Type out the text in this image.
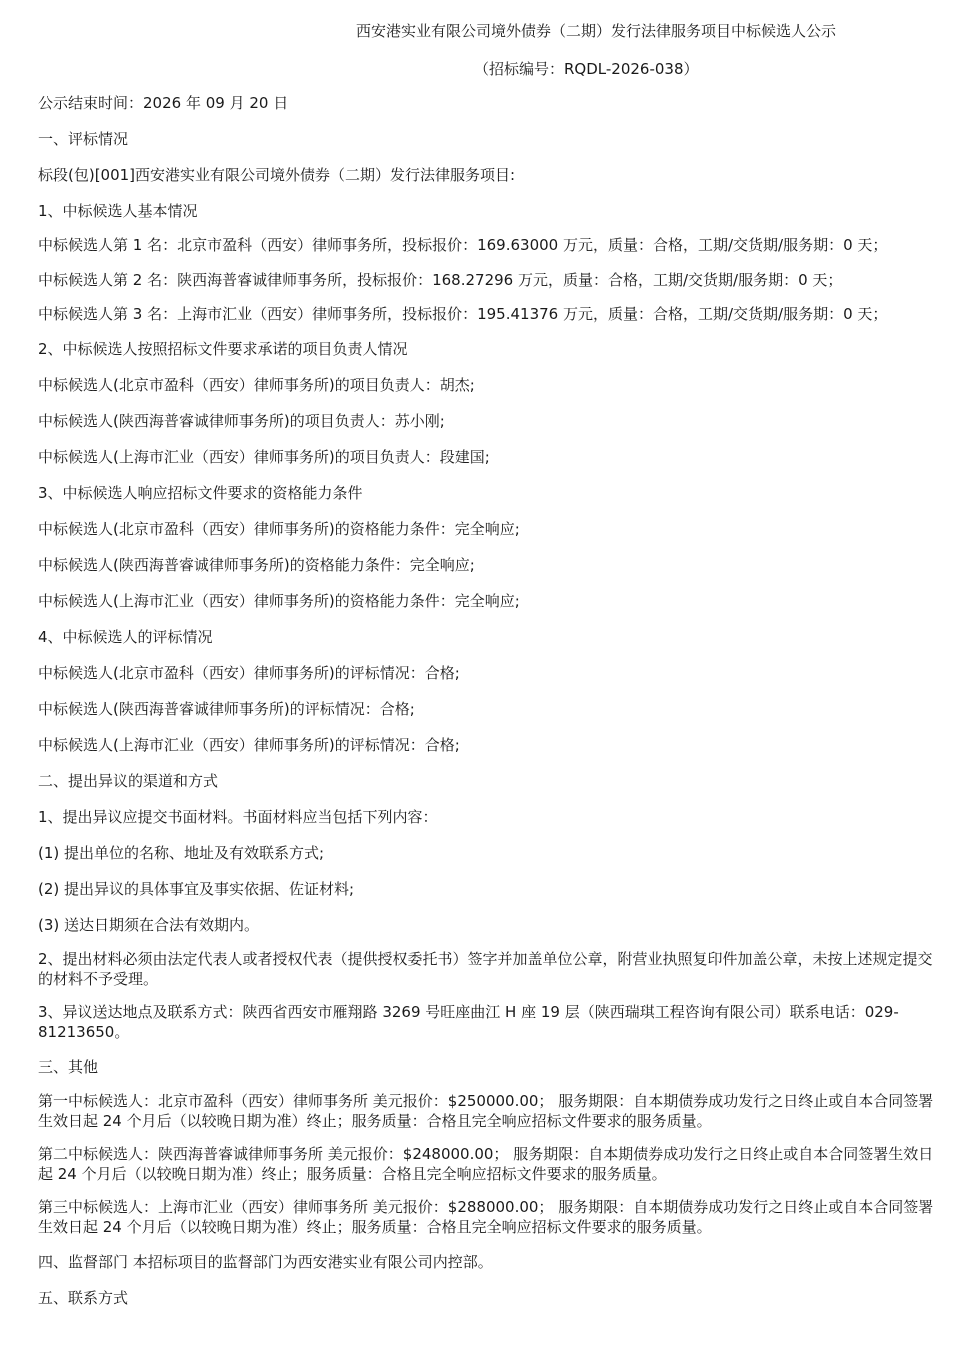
西安港实业有限公司境外债券（二期）发行法律服务项目中标候选人公示

（招标编号：RQDL-2026-038）

公示结束时间：2026 年 09 月 20 日

一、评标情况

标段(包)[001]西安港实业有限公司境外债券（二期）发行法律服务项目:

1、中标候选人基本情况

中标候选人第 1 名：北京市盈科（西安）律师事务所，投标报价：169.63000 万元，质量：合格，工期/交货期/服务期：0 天；

中标候选人第 2 名：陕西海普睿诚律师事务所，投标报价：168.27296 万元，质量：合格，工期/交货期/服务期：0 天；

中标候选人第 3 名：上海市汇业（西安）律师事务所，投标报价：195.41376 万元，质量：合格，工期/交货期/服务期：0 天；

2、中标候选人按照招标文件要求承诺的项目负责人情况

中标候选人(北京市盈科（西安）律师事务所)的项目负责人：胡杰;

中标候选人(陕西海普睿诚律师事务所)的项目负责人：苏小刚;

中标候选人(上海市汇业（西安）律师事务所)的项目负责人：段建国;

3、中标候选人响应招标文件要求的资格能力条件

中标候选人(北京市盈科（西安）律师事务所)的资格能力条件：完全响应;

中标候选人(陕西海普睿诚律师事务所)的资格能力条件：完全响应;

中标候选人(上海市汇业（西安）律师事务所)的资格能力条件：完全响应;

4、中标候选人的评标情况

中标候选人(北京市盈科（西安）律师事务所)的评标情况：合格;

中标候选人(陕西海普睿诚律师事务所)的评标情况：合格;

中标候选人(上海市汇业（西安）律师事务所)的评标情况：合格;

二、提出异议的渠道和方式

1、提出异议应提交书面材料。书面材料应当包括下列内容：

(1) 提出单位的名称、地址及有效联系方式;

(2) 提出异议的具体事宜及事实依据、佐证材料;

(3) 送达日期须在合法有效期内。

2、提出材料必须由法定代表人或者授权代表（提供授权委托书）签字并加盖单位公章，附营业执照复印件加盖公章，未按上述规定提交的材料不予受理。

3、异议送达地点及联系方式：陕西省西安市雁翔路 3269 号旺座曲江 H 座 19 层（陕西瑞琪工程咨询有限公司）联系电话：029-81213650。

三、其他

第一中标候选人：北京市盈科（西安）律师事务所 美元报价：$250000.00； 服务期限：自本期债券成功发行之日终止或自本合同签署生效日起 24 个月后（以较晚日期为准）终止；服务质量：合格且完全响应招标文件要求的服务质量。

第二中标候选人：陕西海普睿诚律师事务所 美元报价：$248000.00； 服务期限：自本期债券成功发行之日终止或自本合同签署生效日起 24 个月后（以较晚日期为准）终止；服务质量：合格且完全响应招标文件要求的服务质量。

第三中标候选人：上海市汇业（西安）律师事务所 美元报价：$288000.00； 服务期限：自本期债券成功发行之日终止或自本合同签署生效日起 24 个月后（以较晚日期为准）终止；服务质量：合格且完全响应招标文件要求的服务质量。

四、监督部门 本招标项目的监督部门为西安港实业有限公司内控部。

五、联系方式
